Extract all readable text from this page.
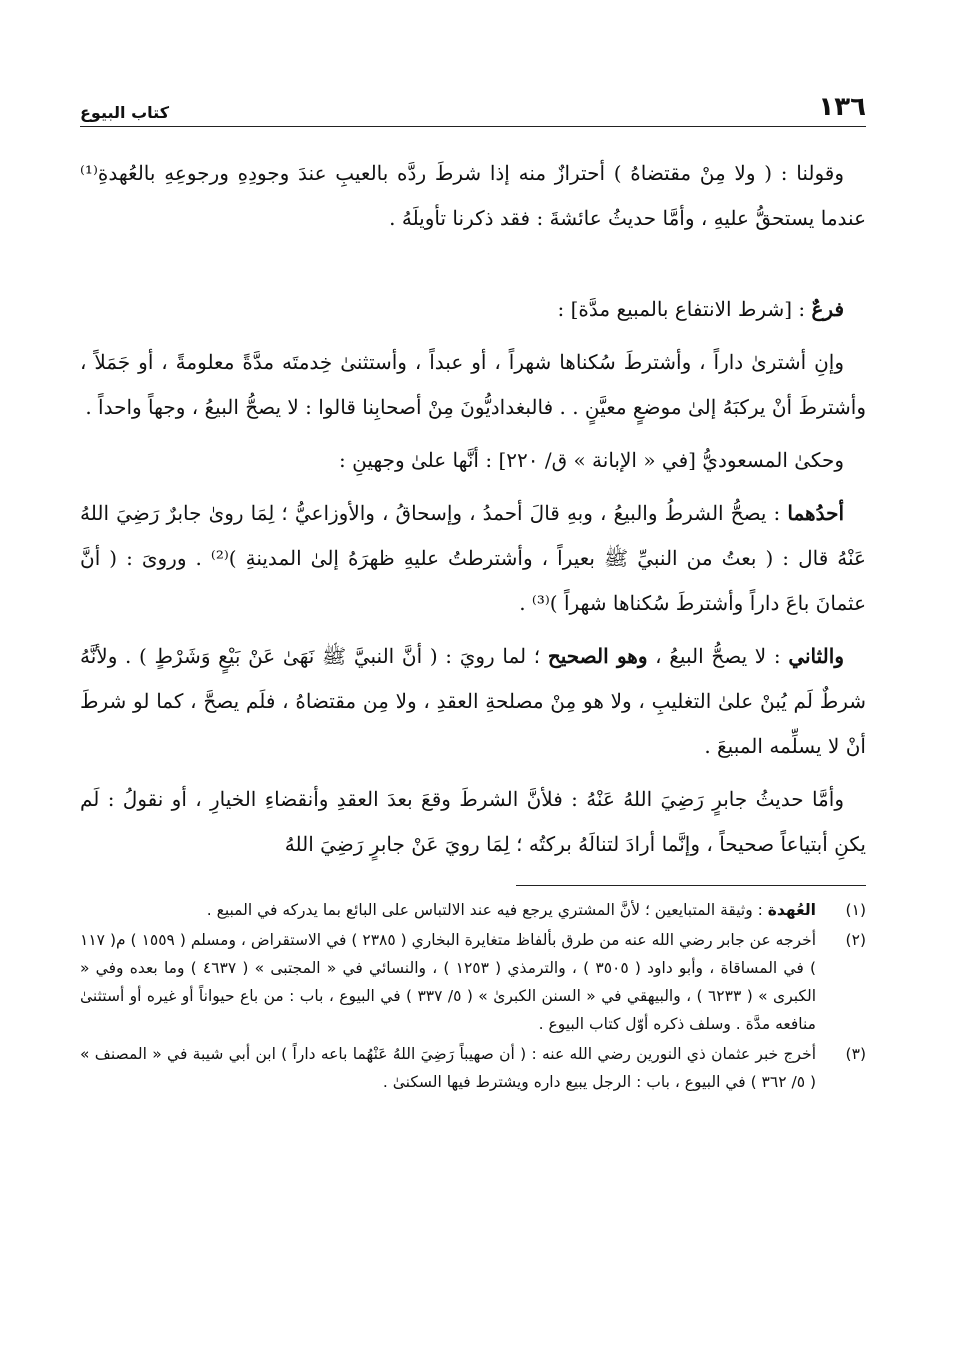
١٣٦
كتاب البيوع

وقولنا : ( ولا مِنْ مقتضاهُ ) أحترازٌ منه إذا شرطَ ردَّه بالعيبِ عندَ وجودِهِ ورجوعِهِ بالعُهدةِ⁽¹⁾ عندما يستحقُّ عليهِ ، وأمَّا حديثُ عائشةَ : فقد ذكرنا تأويلَهُ .

فرعٌ : [شرط الانتفاع بالمبيع مدَّة] :

وإنِ أشترىٰ داراً ، وأشترطَ سُكناها شهراً ، أو عبداً ، وأستثنىٰ خِدمتَه مدَّةً معلومةً ، أو جَمَلاً ، وأشترطَ أنْ يركبَهُ إلىٰ موضعٍ معيَّنٍ . . فالبغداديُّونَ مِنْ أصحابِنا قالوا : لا يصحُّ البيعُ ، وجهاً واحداً .

وحكىٰ المسعوديُّ [في « الإبانة » ق/ ٢٢٠] : أنَّها علىٰ وجهينِ :

أحدُهما : يصحُّ الشرطُ والبيعُ ، وبهِ قالَ أحمدُ ، وإسحاقُ ، والأوزاعيُّ ؛ لِمَا روىٰ جابرٌ رَضِيَ اللهُ عَنْهُ قال : ( بعتُ من النبيِّ ﷺ بعيراً ، وأشترطتُ عليهِ ظهرَهُ إلىٰ المدينةِ )⁽²⁾ . وروىَ : ( أنَّ عثمانَ باعَ داراً وأشترطَ سُكناها شهراً )⁽³⁾ .

والثاني : لا يصحُّ البيعُ ، وهو الصحيح ؛ لما رويَ : ( أنَّ النبيَّ ﷺ نَهَىٰ عَنْ بَيْعٍ وَشَرْطٍ ) . ولأنَّهُ شرطٌ لَم يُبنْ علىٰ التغليبِ ، ولا هو مِنْ مصلحةِ العقدِ ، ولا مِن مقتضاهُ ، فلَم يصحَّ ، كما لو شرطَ أنْ لا يسلِّمه المبيعَ .

وأمَّا حديثُ جابرٍ رَضِيَ اللهُ عَنْهُ : فلأنَّ الشرطَ وقعَ بعدَ العقدِ وأنقضاءِ الخيارِ ، أو نقولُ : لَم يكنِ أبتياعاً صحيحاً ، وإنَّما أرادَ لتنالَهُ بركتُه ؛ لِمَا رويَ عَنْ جابرٍ رَضِيَ اللهُ

(١)
العُهدة : وثيقة المتبايعين ؛ لأنَّ المشتري يرجع فيه عند الالتباس على البائع بما يدركه في المبيع .
(٢)
أخرجه عن جابر رضي الله عنه من طرق بألفاظ متغايرة البخاري ( ٢٣٨٥ ) في الاستقراض ، ومسلم ( ١٥٥٩ ) م( ١١٧ ) في المساقاة ، وأبو داود ( ٣٥٠٥ ) ، والترمذي ( ١٢٥٣ ) ، والنسائي في « المجتبى » ( ٤٦٣٧ ) وما بعده وفي « الكبرى » ( ٦٢٣٣ ) ، والبيهقي في « السنن الكبرىٰ » ( ٥/ ٣٣٧ ) في البيوع ، باب : من باع حيواناً أو غيره أو أستثنىٰ منافعه مدَّة . وسلف ذكره أوّل كتاب البيوع .
(٣)
أخرج خبر عثمان ذي النورين رضي الله عنه : ( أن صهيباً رَضِيَ اللهُ عَنْهُما باعه داراً ) ابن أبي شيبة في « المصنف » ( ٥/ ٣٦٢ ) في البيوع ، باب : الرجل يبيع داره ويشترط فيها السكنىٰ .
